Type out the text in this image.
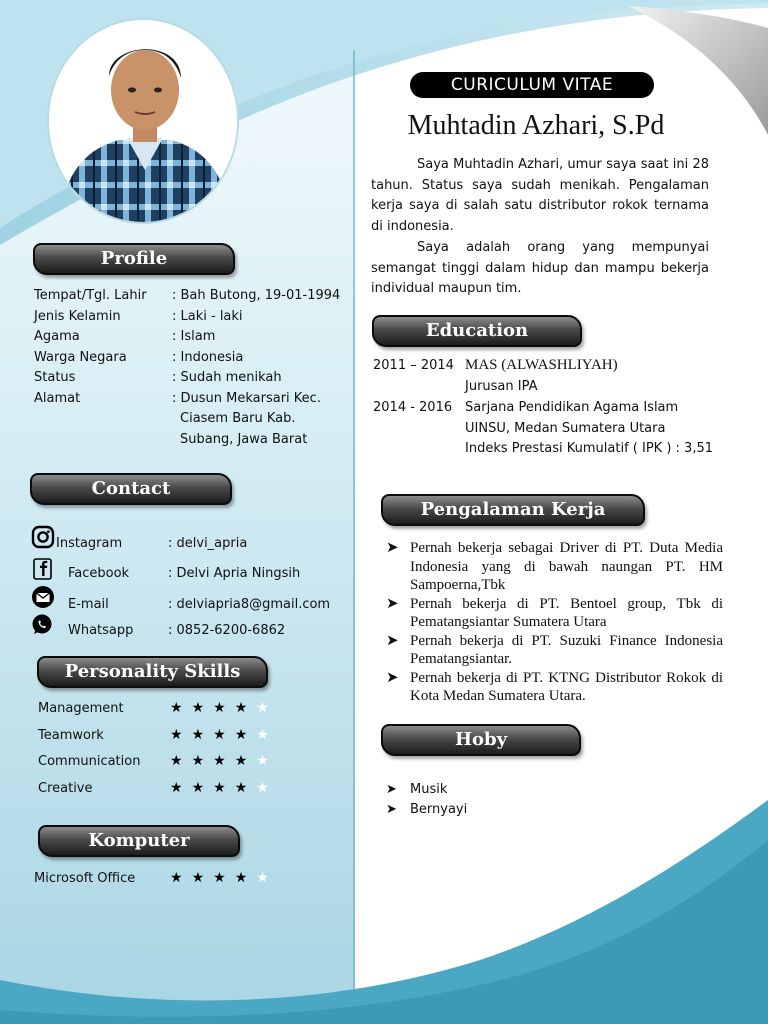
Profile
Tempat/Tgl. Lahir : Bah Butong, 19-01-1994
Jenis Kelamin	: Laki - laki
Agama	: Islam
Warga Negara	: Indonesia
Status	: Sudah menikah
Alamat	: Dusun Mekarsari Kec.
Ciasem Baru Kab.
Subang, Jawa Barat
Contact
Instagram	: delvi_apria
Facebook	: Delvi Apria Ningsih
E-mail	: delviapria8@gmail.com
Whatsapp	: 0852-6200-6862
Personality Skills
Management	★★★★★
Teamwork	★★★★★
Communication ★★★★★
Creative	★★★★★
Komputer
Microsoft Office ★★★★★
CURICULUM VITAE
Muhtadin Azhari, S.Pd

Saya Muhtadin Azhari, umur saya saat ini 28 tahun. Status saya sudah menikah. Pengalaman kerja saya di salah satu distributor rokok ternama di indonesia.

Saya adalah orang yang mempunyai semangat tinggi dalam hidup dan mampu bekerja individual maupun tim.

Education
2011 – 2014 MAS (ALWASHLIYAH)
Jurusan IPA
2014 - 2016 Sarjana Pendidikan Agama Islam
UINSU, Medan Sumatera Utara
Indeks Prestasi Kumulatif ( IPK ) : 3,51
Pengalaman Kerja
➤ Pernah bekerja sebagai Driver di PT. Duta Media Indonesia yang di bawah naungan PT. HM Sampoerna,Tbk
➤ Pernah bekerja di PT. Bentoel group, Tbk di Pematangsiantar Sumatera Utara
➤ Pernah bekerja di PT. Suzuki Finance Indonesia Pematangsiantar.
➤ Pernah bekerja di PT. KTNG Distributor Rokok di Kota Medan Sumatera Utara.
Hoby
➤ Musik
➤ Bernyayi
